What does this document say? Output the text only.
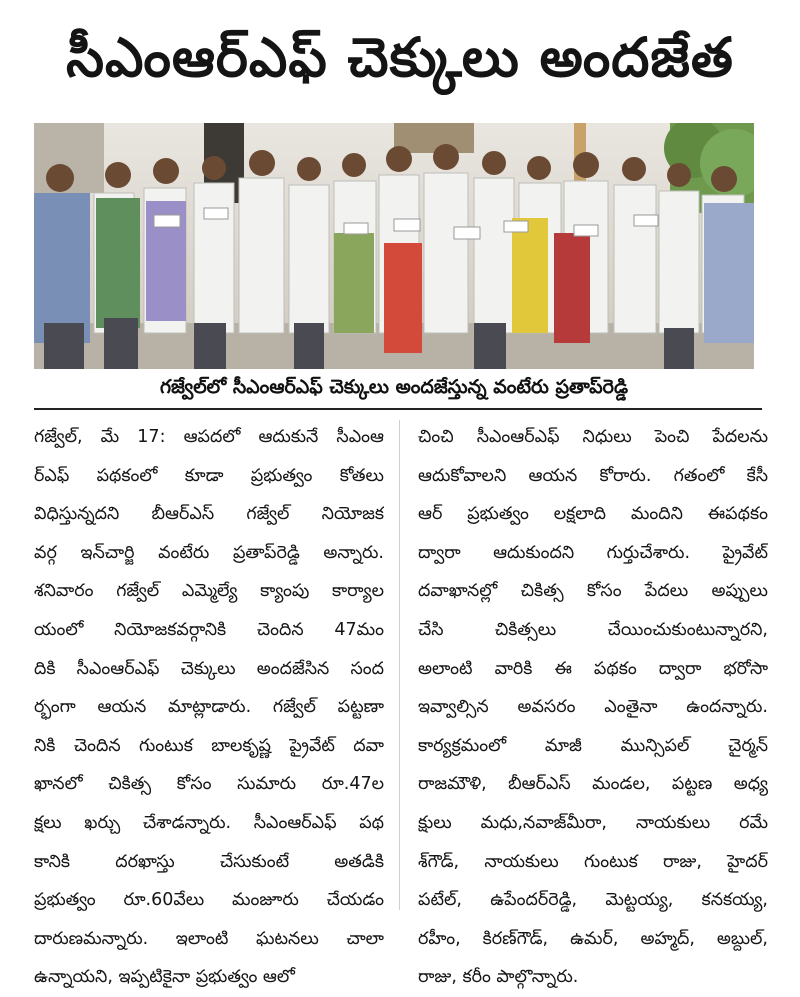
సీఎంఆర్ఎఫ్ చెక్కులు అందజేత
గజ్వేల్‌లో సీఎంఆర్ఎఫ్ చెక్కులు అందజేస్తున్న వంటేరు ప్రతాప్‌రెడ్డి
గజ్వేల్, మే 17: ఆపదలో ఆదుకునే సీఎంఆ
ర్ఎఫ్ పథకంలో కూడా ప్రభుత్వం కోతలు
విధిస్తున్నదని బీఆర్ఎస్ గజ్వేల్ నియోజక
వర్గ ఇన్‌చార్జి వంటేరు ప్రతాప్‌రెడ్డి అన్నారు.
శనివారం గజ్వేల్ ఎమ్మెల్యే క్యాంపు కార్యాల
యంలో నియోజకవర్గానికి చెందిన 47మం
దికి సీఎంఆర్ఎఫ్ చెక్కులు అందజేసిన సంద
ర్భంగా ఆయన మాట్లాడారు. గజ్వేల్ పట్టణా
నికి చెందిన గుంటుక బాలకృష్ణ ప్రైవేట్ దవా
ఖానలో చికిత్స కోసం సుమారు రూ.47ల
క్షలు ఖర్చు చేశాడన్నారు. సీఎంఆర్ఎఫ్ పథ
కానికి దరఖాస్తు చేసుకుంటే అతడికి
ప్రభుత్వం రూ.60వేలు మంజూరు చేయడం
దారుణమన్నారు. ఇలాంటి ఘటనలు చాలా
ఉన్నాయని, ఇప్పటికైనా ప్రభుత్వం ఆలో
చించి సీఎంఆర్ఎఫ్ నిధులు పెంచి పేదలను
ఆదుకోవాలని ఆయన కోరారు. గతంలో కేసీ
ఆర్ ప్రభుత్వం లక్షలాది మందిని ఈపథకం
ద్వారా ఆదుకుందని గుర్తుచేశారు. ప్రైవేట్
దవాఖానల్లో చికిత్స కోసం పేదలు అప్పులు
చేసి చికిత్సలు చేయించుకుంటున్నారని,
అలాంటి వారికి ఈ పథకం ద్వారా భరోసా
ఇవ్వాల్సిన అవసరం ఎంతైనా ఉందన్నారు.
కార్యక్రమంలో మాజీ మున్సిపల్ చైర్మన్
రాజమౌళి, బీఆర్ఎస్ మండల, పట్టణ అధ్య
క్షులు మధు,నవాజ్‌మీరా, నాయకులు రమే
శ్‌గౌడ్, నాయకులు గుంటుక రాజు, హైదర్
పటేల్, ఉపేందర్‌రెడ్డి, మెట్టయ్య, కనకయ్య,
రహీం, కిరణ్‌గౌడ్, ఉమర్, అహ్మద్, అబ్దుల్,
రాజు, కరీం పాల్గొన్నారు.
